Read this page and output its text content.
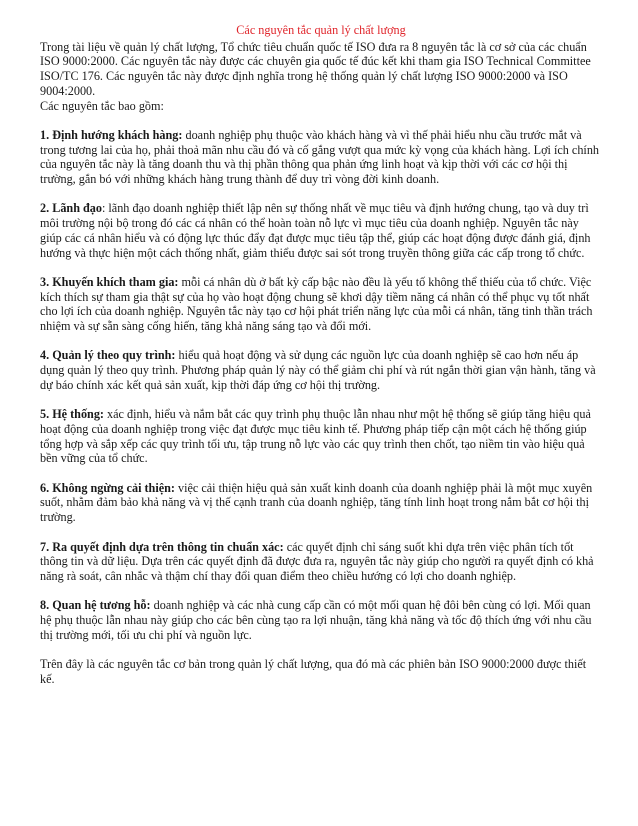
Các nguyên tắc quản lý chất lượng

Trong tài liệu về quản lý chất lượng, Tổ chức tiêu chuẩn quốc tế ISO đưa ra 8 nguyên tắc là cơ sở của các chuẩn ISO 9000:2000. Các nguyên tắc này được các chuyên gia quốc tế đúc kết khi tham gia ISO Technical Committee ISO/TC 176. Các nguyên tắc này được định nghĩa trong hệ thống quản lý chất lượng ISO 9000:2000 và ISO 9004:2000.

Các nguyên tắc bao gồm:

1. Định hướng khách hàng: doanh nghiệp phụ thuộc vào khách hàng và vì thế phải hiểu nhu cầu trước mắt và trong tương lai của họ, phải thoả mãn nhu cầu đó và cố gắng vượt qua mức kỳ vọng của khách hàng. Lợi ích chính của nguyên tắc này là tăng doanh thu và thị phần thông qua phản ứng linh hoạt và kịp thời với các cơ hội thị trường, gắn bó với những khách hàng trung thành để duy trì vòng đời kinh doanh.

2. Lãnh đạo: lãnh đạo doanh nghiệp thiết lập nên sự thống nhất về mục tiêu và định hướng chung, tạo và duy trì môi trường nội bộ trong đó các cá nhân có thể hoàn toàn nỗ lực vì mục tiêu của doanh nghiệp. Nguyên tắc này giúp các cá nhân hiểu và có động lực thúc đẩy đạt được mục tiêu tập thể, giúp các hoạt động được đánh giá, định hướng và thực hiện một cách thống nhất, giảm thiểu được sai sót trong truyền thông giữa các cấp trong tổ chức.

3. Khuyến khích tham gia: mỗi cá nhân dù ở bất kỳ cấp bậc nào đều là yếu tố không thể thiếu của tổ chức. Việc kích thích sự tham gia thật sự của họ vào hoạt động chung sẽ khơi dậy tiềm năng cá nhân có thể phục vụ tốt nhất cho lợi ích của doanh nghiệp. Nguyên tắc này tạo cơ hội phát triển năng lực của mỗi cá nhân, tăng tinh thần trách nhiệm và sự sẵn sàng cống hiến, tăng khả năng sáng tạo và đổi mới.

4. Quản lý theo quy trình: hiểu quả hoạt động và sử dụng các nguồn lực của doanh nghiệp sẽ cao hơn nếu áp dụng quản lý theo quy trình. Phương pháp quản lý này có thể giảm chi phí và rút ngắn thời gian vận hành, tăng và dự báo chính xác kết quả sản xuất, kịp thời đáp ứng cơ hội thị trường.

5. Hệ thống: xác định, hiểu và nắm bắt các quy trình phụ thuộc lẫn nhau như một hệ thống sẽ giúp tăng hiệu quả hoạt động của doanh nghiệp trong việc đạt được mục tiêu kinh tế. Phương pháp tiếp cận một cách hệ thống giúp tổng hợp và sắp xếp các quy trình tối ưu, tập trung nỗ lực vào các quy trình then chốt, tạo niềm tin vào hiệu quả bền vững của tổ chức.

6. Không ngừng cải thiện: việc cải thiện hiệu quả sản xuất kinh doanh của doanh nghiệp phải là một mục xuyên suốt, nhằm đảm bảo khả năng và vị thế cạnh tranh của doanh nghiệp, tăng tính linh hoạt trong nắm bắt cơ hội thị trường.

7. Ra quyết định dựa trên thông tin chuẩn xác: các quyết định chỉ sáng suốt khi dựa trên việc phân tích tốt thông tin và dữ liệu. Dựa trên các quyết định đã được đưa ra, nguyên tắc này giúp cho người ra quyết định có khả năng rà soát, cân nhắc và thậm chí thay đổi quan điểm theo chiều hướng có lợi cho doanh nghiệp.

8. Quan hệ tương hỗ: doanh nghiệp và các nhà cung cấp cần có một mối quan hệ đôi bên cùng có lợi. Mối quan hệ phụ thuộc lẫn nhau này giúp cho các bên cùng tạo ra lợi nhuận, tăng khả năng và tốc độ thích ứng với nhu cầu thị trường mới, tối ưu chi phí và nguồn lực.

Trên đây là các nguyên tắc cơ bản trong quản lý chất lượng, qua đó mà các phiên bản ISO 9000:2000 được thiết kế.
